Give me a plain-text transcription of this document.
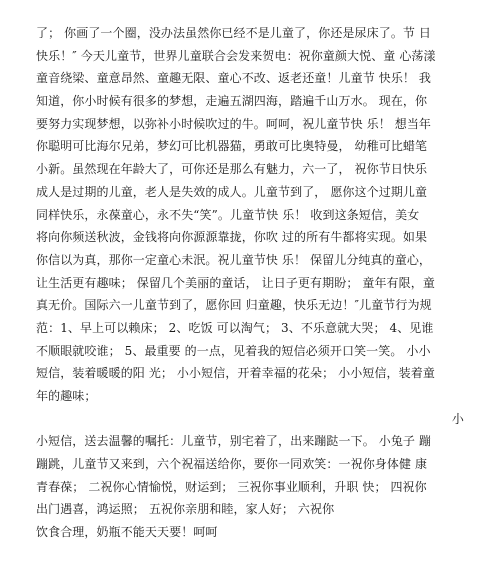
了； 你画了一个圈，没办法虽然你已经不是儿童了，你还是尿床了。节 日
快乐！″ 今天儿童节，世界儿童联合会发来贺电：祝你童颜大悦、童 心荡漾
童音绕梁、童意昂然、童趣无限、童心不改、返老还童！儿童节 快乐！ 我
知道，你小时候有很多的梦想，走遍五湖四海，踏遍千山万水。 现在，你
要努力实现梦想，以弥补小时候吹过的牛。呵呵，祝儿童节快 乐！ 想当年
你聪明可比海尔兄弟，梦幻可比机器猫，勇敢可比奥特曼， 幼稚可比蜡笔
小新。虽然现在年龄大了，可你还是那么有魅力，六一了， 祝你节日快乐
成人是过期的儿童，老人是失效的成人。儿童节到了， 愿你这个过期儿童
同样快乐，永葆童心，永不失“笑”。儿童节快 乐！ 收到这条短信，美女
将向你频送秋波，金钱将向你源源靠拢，你吹 过的所有牛都将实现。如果
你信以为真，那你一定童心未泯。祝儿童节快 乐！ 保留儿分纯真的童心，
让生活更有趣味； 保留几个美丽的童话， 让日子更有期盼； 童年有限，童
真无价。国际六一儿童节到了，愿你回 归童趣，快乐无边！″儿童节行为规
范：1、早上可以赖床； 2、吃饭 可以淘气； 3、不乐意就大哭； 4、见谁
不顺眼就咬谁； 5、最重要 的一点，见着我的短信必须开口笑一笑。 小小
短信，装着暖暖的阳 光； 小小短信，开着幸福的花朵； 小小短信，装着童
年的趣味；
小
小短信，送去温馨的嘱托：儿童节，别宅着了，出来蹦跶一下。 小兔子 蹦
蹦跳，儿童节又来到，六个祝福送给你，要你一同欢笑：一祝你身体健 康
青春葆； 二祝你心情愉悦，财运到； 三祝你事业顺利，升职 快； 四祝你
出门遇喜，鸿运照； 五祝你亲朋和睦，家人好； 六祝你
饮食合理，奶瓶不能天天要！呵呵
